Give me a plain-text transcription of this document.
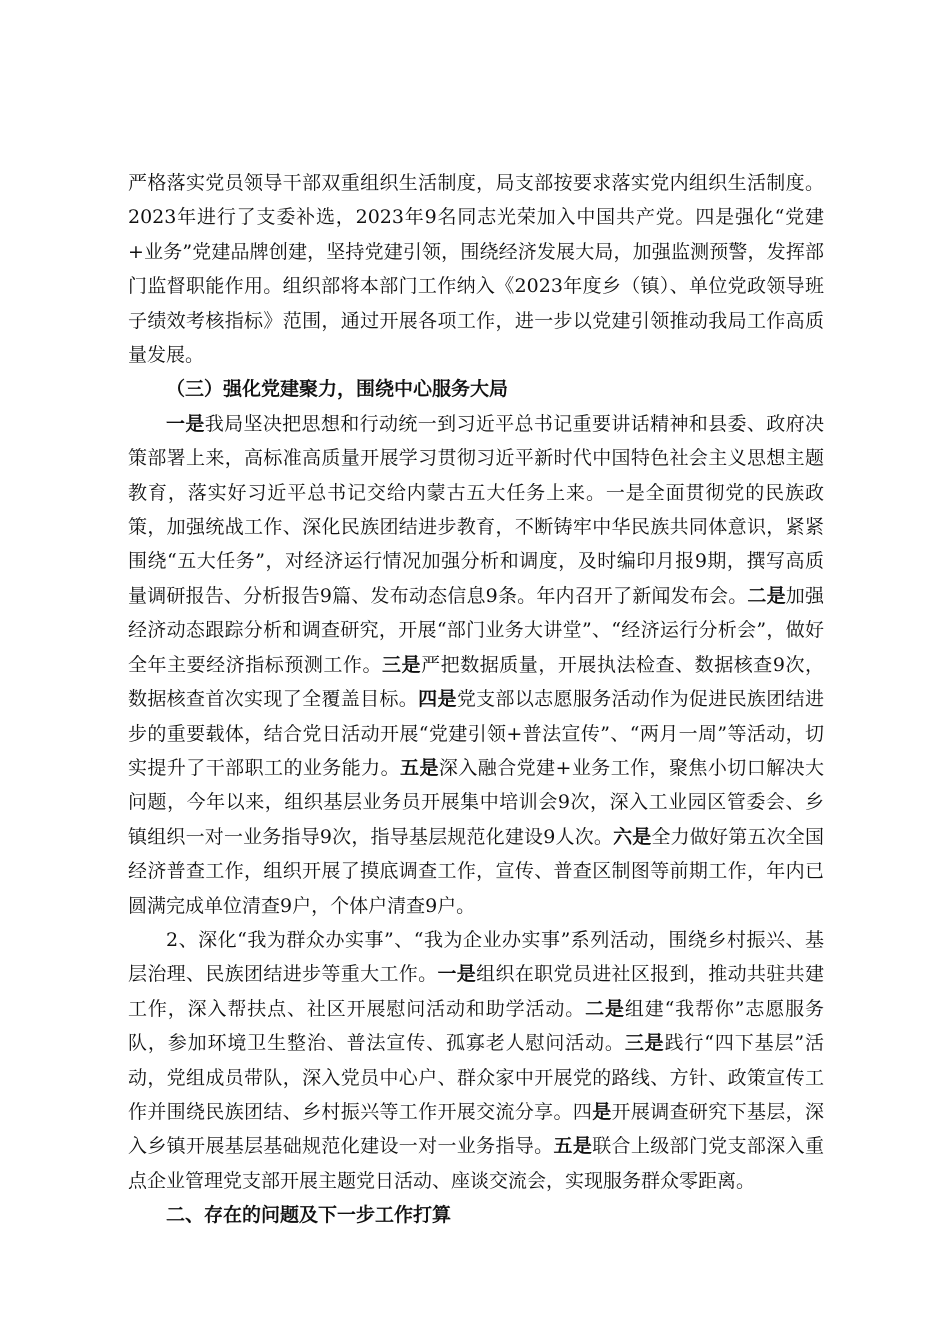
严格落实党员领导干部双重组织生活制度，局支部按要求落实党内组织生活制度。2023年进行了支委补选，2023年9名同志光荣加入中国共产党。四是强化“党建+业务”党建品牌创建，坚持党建引领，围绕经济发展大局，加强监测预警，发挥部门监督职能作用。组织部将本部门工作纳入《2023年度乡（镇）、单位党政领导班子绩效考核指标》范围，通过开展各项工作，进一步以党建引领推动我局工作高质量发展。

（三）强化党建聚力，围绕中心服务大局

一是我局坚决把思想和行动统一到习近平总书记重要讲话精神和县委、政府决策部署上来，高标准高质量开展学习贯彻习近平新时代中国特色社会主义思想主题教育，落实好习近平总书记交给内蒙古五大任务上来。一是全面贯彻党的民族政策，加强统战工作、深化民族团结进步教育，不断铸牢中华民族共同体意识，紧紧围绕“五大任务”，对经济运行情况加强分析和调度，及时编印月报9期，撰写高质量调研报告、分析报告9篇、发布动态信息9条。年内召开了新闻发布会。二是加强经济动态跟踪分析和调查研究，开展“部门业务大讲堂”、“经济运行分析会”，做好全年主要经济指标预测工作。三是严把数据质量，开展执法检查、数据核查9次，数据核查首次实现了全覆盖目标。四是党支部以志愿服务活动作为促进民族团结进步的重要载体，结合党日活动开展“党建引领+普法宣传”、“两月一周”等活动，切实提升了干部职工的业务能力。五是深入融合党建+业务工作，聚焦小切口解决大问题，今年以来，组织基层业务员开展集中培训会9次，深入工业园区管委会、乡镇组织一对一业务指导9次，指导基层规范化建设9人次。六是全力做好第五次全国经济普查工作，组织开展了摸底调查工作，宣传、普查区制图等前期工作，年内已圆满完成单位清查9户，个体户清查9户。

2、深化“我为群众办实事”、“我为企业办实事”系列活动，围绕乡村振兴、基层治理、民族团结进步等重大工作。一是组织在职党员进社区报到，推动共驻共建工作，深入帮扶点、社区开展慰问活动和助学活动。二是组建“我帮你”志愿服务队，参加环境卫生整治、普法宣传、孤寡老人慰问活动。三是践行“四下基层”活动，党组成员带队，深入党员中心户、群众家中开展党的路线、方针、政策宣传工作并围绕民族团结、乡村振兴等工作开展交流分享。四是开展调查研究下基层，深入乡镇开展基层基础规范化建设一对一业务指导。五是联合上级部门党支部深入重点企业管理党支部开展主题党日活动、座谈交流会，实现服务群众零距离。

二、存在的问题及下一步工作打算
